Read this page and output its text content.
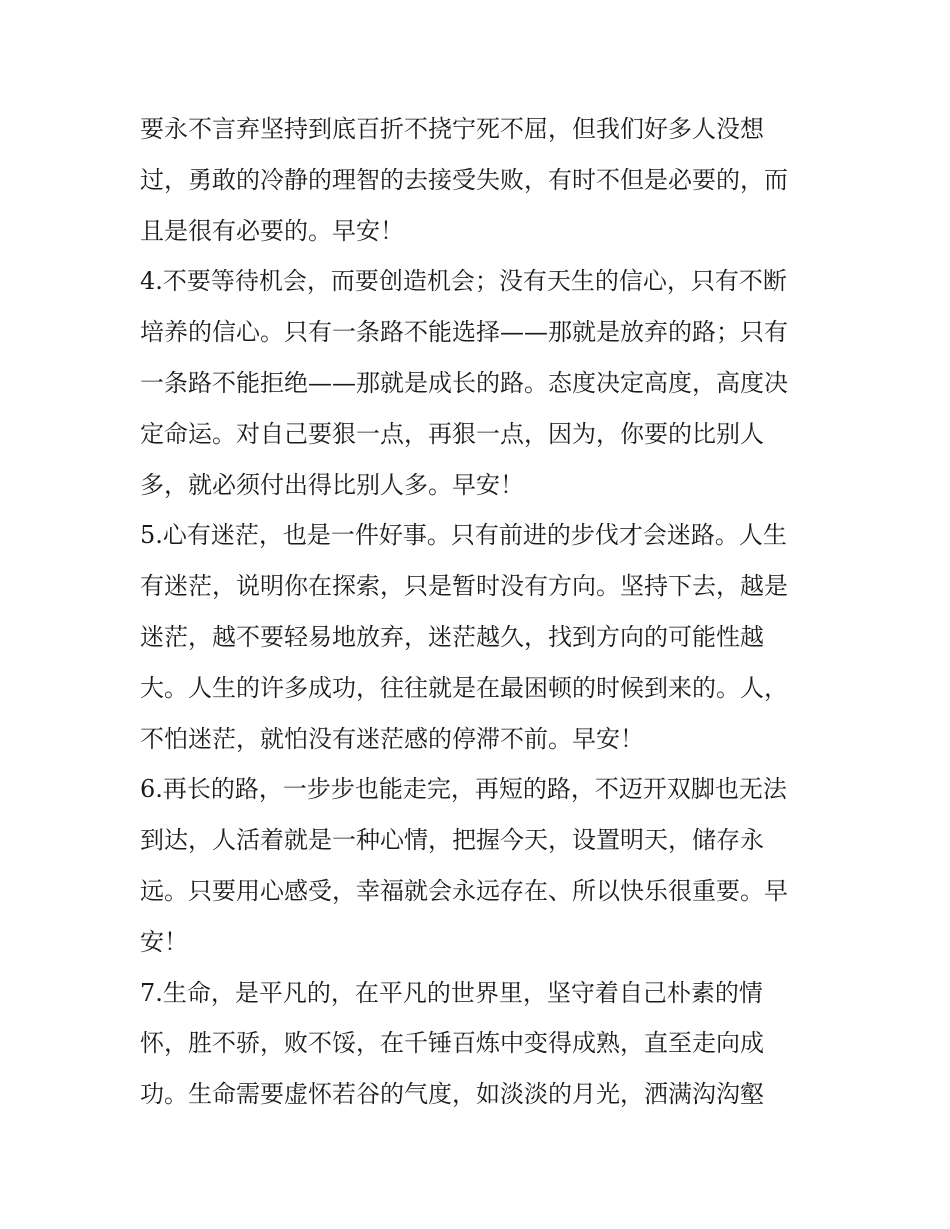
要永不言弃坚持到底百折不挠宁死不屈，但我们好多人没想
过，勇敢的冷静的理智的去接受失败，有时不但是必要的，而
且是很有必要的。早安！
4.不要等待机会，而要创造机会；没有天生的信心，只有不断
培养的信心。只有一条路不能选择——那就是放弃的路；只有
一条路不能拒绝——那就是成长的路。态度决定高度，高度决
定命运。对自己要狠一点，再狠一点，因为，你要的比别人
多，就必须付出得比别人多。早安！
5.心有迷茫，也是一件好事。只有前进的步伐才会迷路。人生
有迷茫，说明你在探索，只是暂时没有方向。坚持下去，越是
迷茫，越不要轻易地放弃，迷茫越久，找到方向的可能性越
大。人生的许多成功，往往就是在最困顿的时候到来的。人，
不怕迷茫，就怕没有迷茫感的停滞不前。早安！
6.再长的路，一步步也能走完，再短的路，不迈开双脚也无法
到达，人活着就是一种心情，把握今天，设置明天，储存永
远。只要用心感受，幸福就会永远存在、所以快乐很重要。早
安！
7.生命，是平凡的，在平凡的世界里，坚守着自己朴素的情
怀，胜不骄，败不馁，在千锤百炼中变得成熟，直至走向成
功。生命需要虚怀若谷的气度，如淡淡的月光，洒满沟沟壑
